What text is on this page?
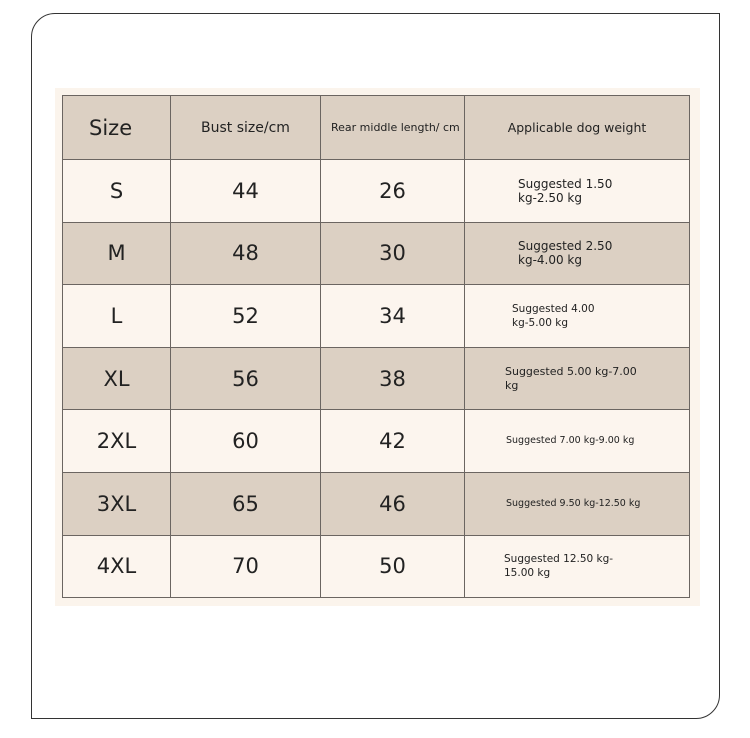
Size	Bust size/cm	Rear middle length/ cm	Applicable dog weight
S	44	26	Suggested 1.50 kg-2.50 kg
M	48	30	Suggested 2.50 kg-4.00 kg
L	52	34	Suggested 4.00 kg-5.00 kg
XL	56	38	Suggested 5.00 kg-7.00 kg
2XL	60	42	Suggested 7.00 kg-9.00 kg
3XL	65	46	Suggested 9.50 kg-12.50 kg
4XL	70	50	Suggested 12.50 kg-15.00 kg
